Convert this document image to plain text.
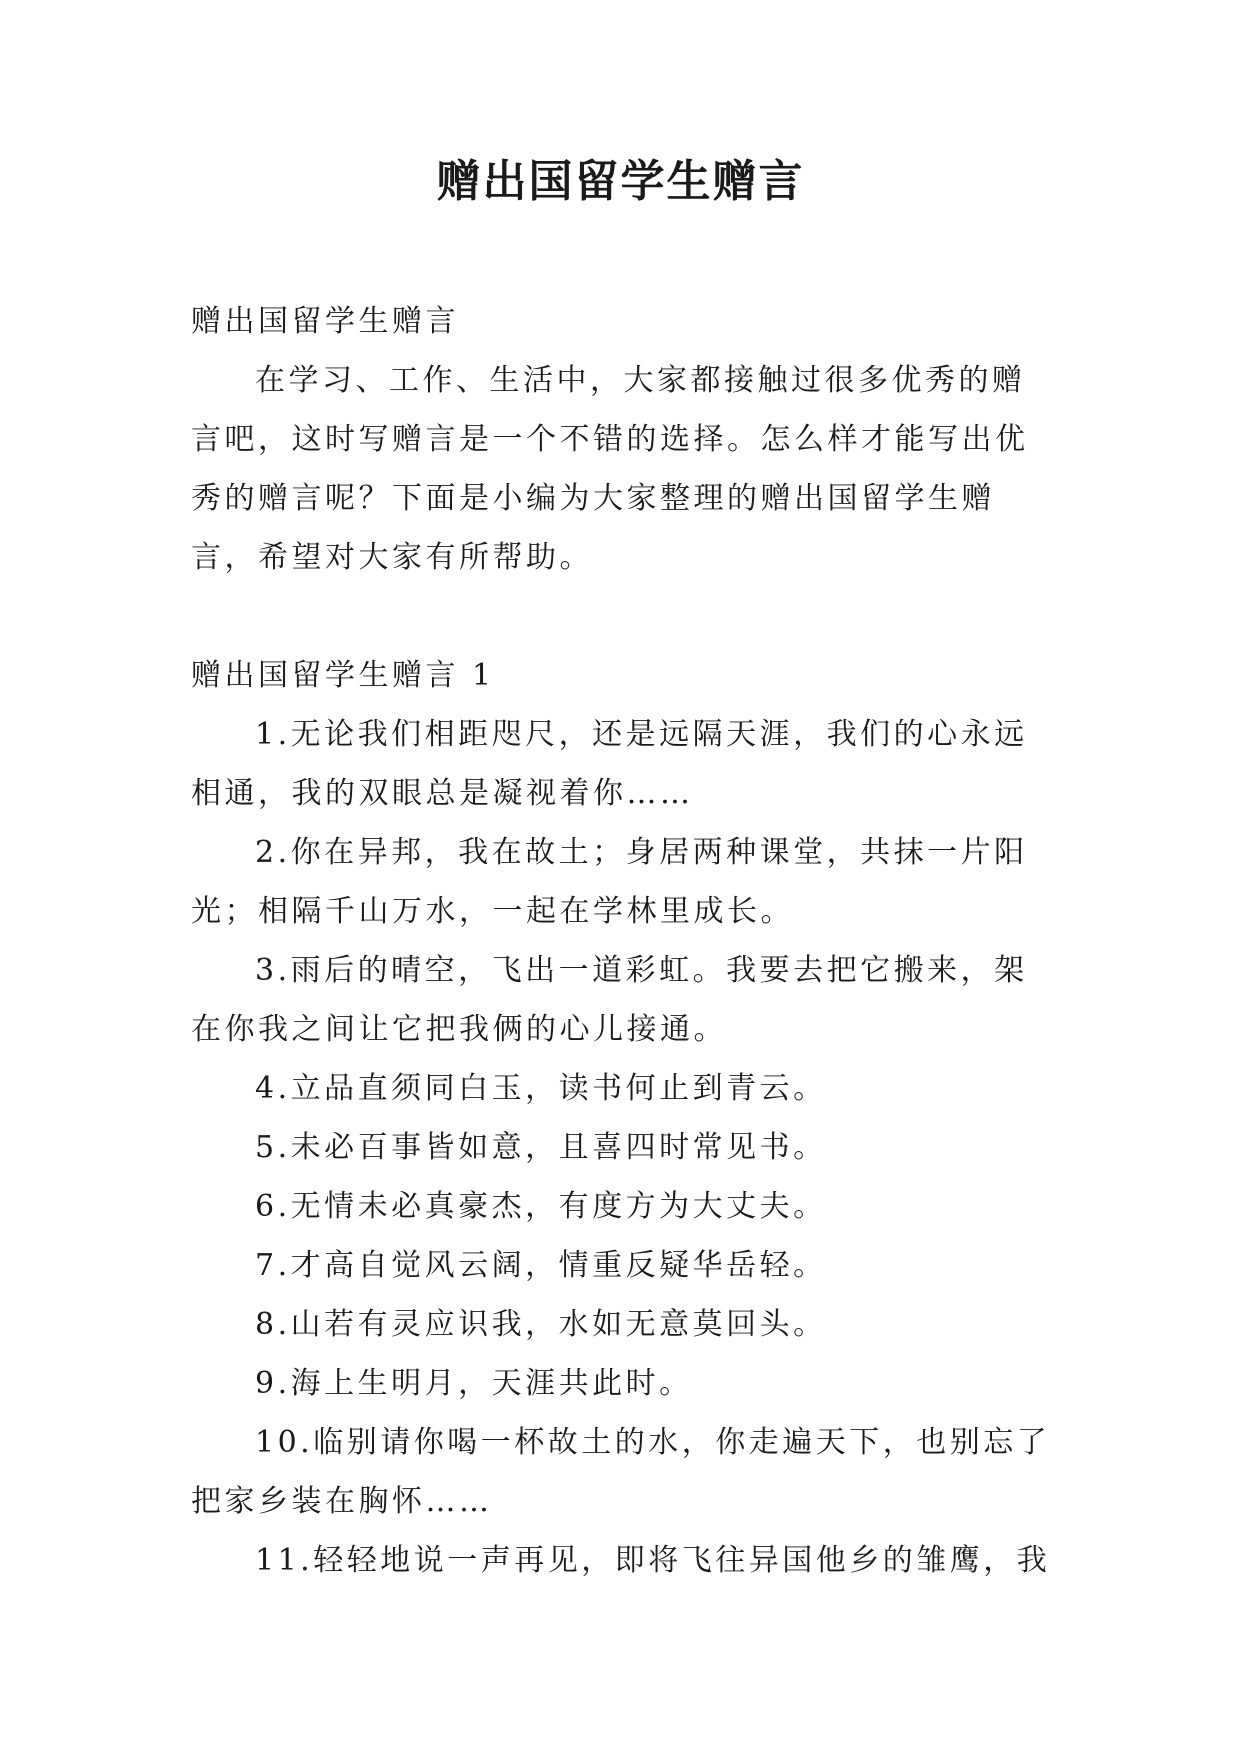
赠出国留学生赠言

赠出国留学生赠言

在学习、工作、生活中，大家都接触过很多优秀的赠言吧，这时写赠言是一个不错的选择。怎么样才能写出优秀的赠言呢？下面是小编为大家整理的赠出国留学生赠言，希望对大家有所帮助。

赠出国留学生赠言 1

1.无论我们相距咫尺，还是远隔天涯，我们的心永远相通，我的双眼总是凝视着你……

2.你在异邦，我在故土；身居两种课堂，共抹一片阳光；相隔千山万水，一起在学林里成长。

3.雨后的晴空，飞出一道彩虹。我要去把它搬来，架在你我之间让它把我俩的心儿接通。

4.立品直须同白玉，读书何止到青云。

5.未必百事皆如意，且喜四时常见书。

6.无情未必真豪杰，有度方为大丈夫。

7.才高自觉风云阔，情重反疑华岳轻。

8.山若有灵应识我，水如无意莫回头。

9.海上生明月，天涯共此时。

10.临别请你喝一杯故土的水，你走遍天下，也别忘了把家乡装在胸怀……

11.轻轻地说一声再见，即将飞往异国他乡的雏鹰，我
